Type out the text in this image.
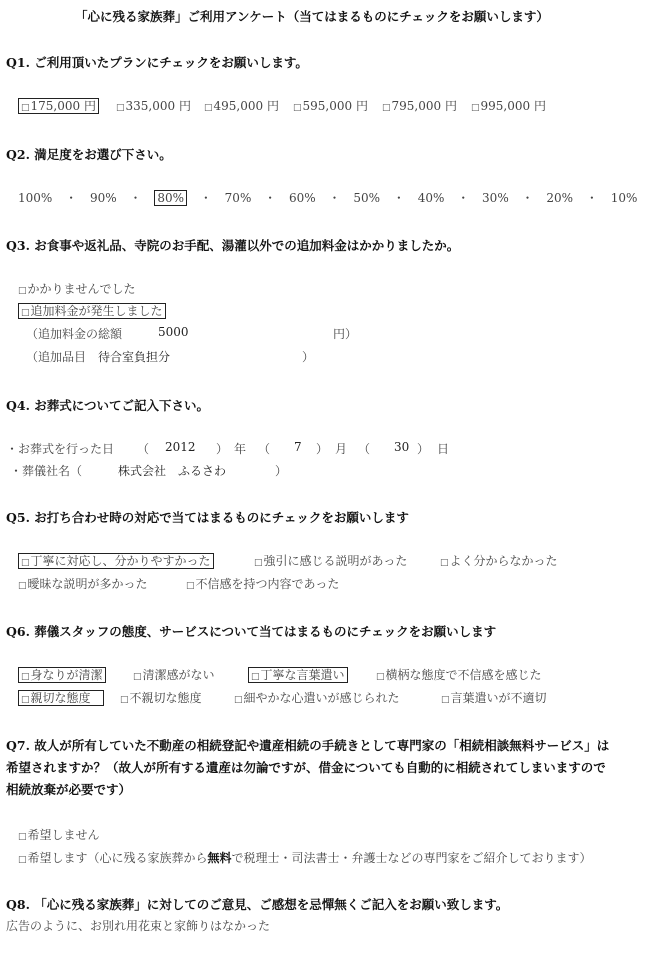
「心に残る家族葬」ご利用アンケート（当てはまるものにチェックをお願いします）
Q1. ご利用頂いたプランにチェックをお願いします。
□175,000 円	□335,000 円 □495,000 円 □595,000 円 □795,000 円 □995,000 円
Q2. 満足度をお選び下さい。
100% ・ 90% ・ 80% ・ 70% ・ 60% ・ 50% ・ 40% ・ 30% ・ 20% ・ 10%
Q3. お食事や返礼品、寺院のお手配、湯灌以外での追加料金はかかりましたか。
□かかりませんでした
□追加料金が発生しました
（追加料金の総額	5000	円）
（追加品目 待合室負担分	）
Q4. お葬式についてご記入下さい。
・お葬式を行った日 （ 2012 ） 年 （ 7 ） 月 （ 30 ） 日
・葬儀社名（	株式会社　ふるさわ	）
Q5. お打ち合わせ時の対応で当てはまるものにチェックをお願いします
□丁寧に対応し、分かりやすかった	□強引に感じる説明があった	□よく分からなかった
□曖昧な説明が多かった	□不信感を持つ内容であった
Q6. 葬儀スタッフの態度、サービスについて当てはまるものにチェックをお願いします
□身なりが清潔	□清潔感がない	□丁寧な言葉遣い	□横柄な態度で不信感を感じた
□親切な態度	□不親切な態度	□細やかな心遣いが感じられた	□言葉遣いが不適切
Q7. 故人が所有していた不動産の相続登記や遺産相続の手続きとして専門家の「相続相談無料サービス」は
希望されますか？（故人が所有する遺産は勿論ですが、借金についても自動的に相続されてしまいますので
相続放棄が必要です）
□希望しません
□希望します（心に残る家族葬から無料で税理士・司法書士・弁護士などの専門家をご紹介しております）
Q8. 「心に残る家族葬」に対してのご意見、ご感想を忌憚無くご記入をお願い致します。
広告のように、お別れ用花束と家飾りはなかった
